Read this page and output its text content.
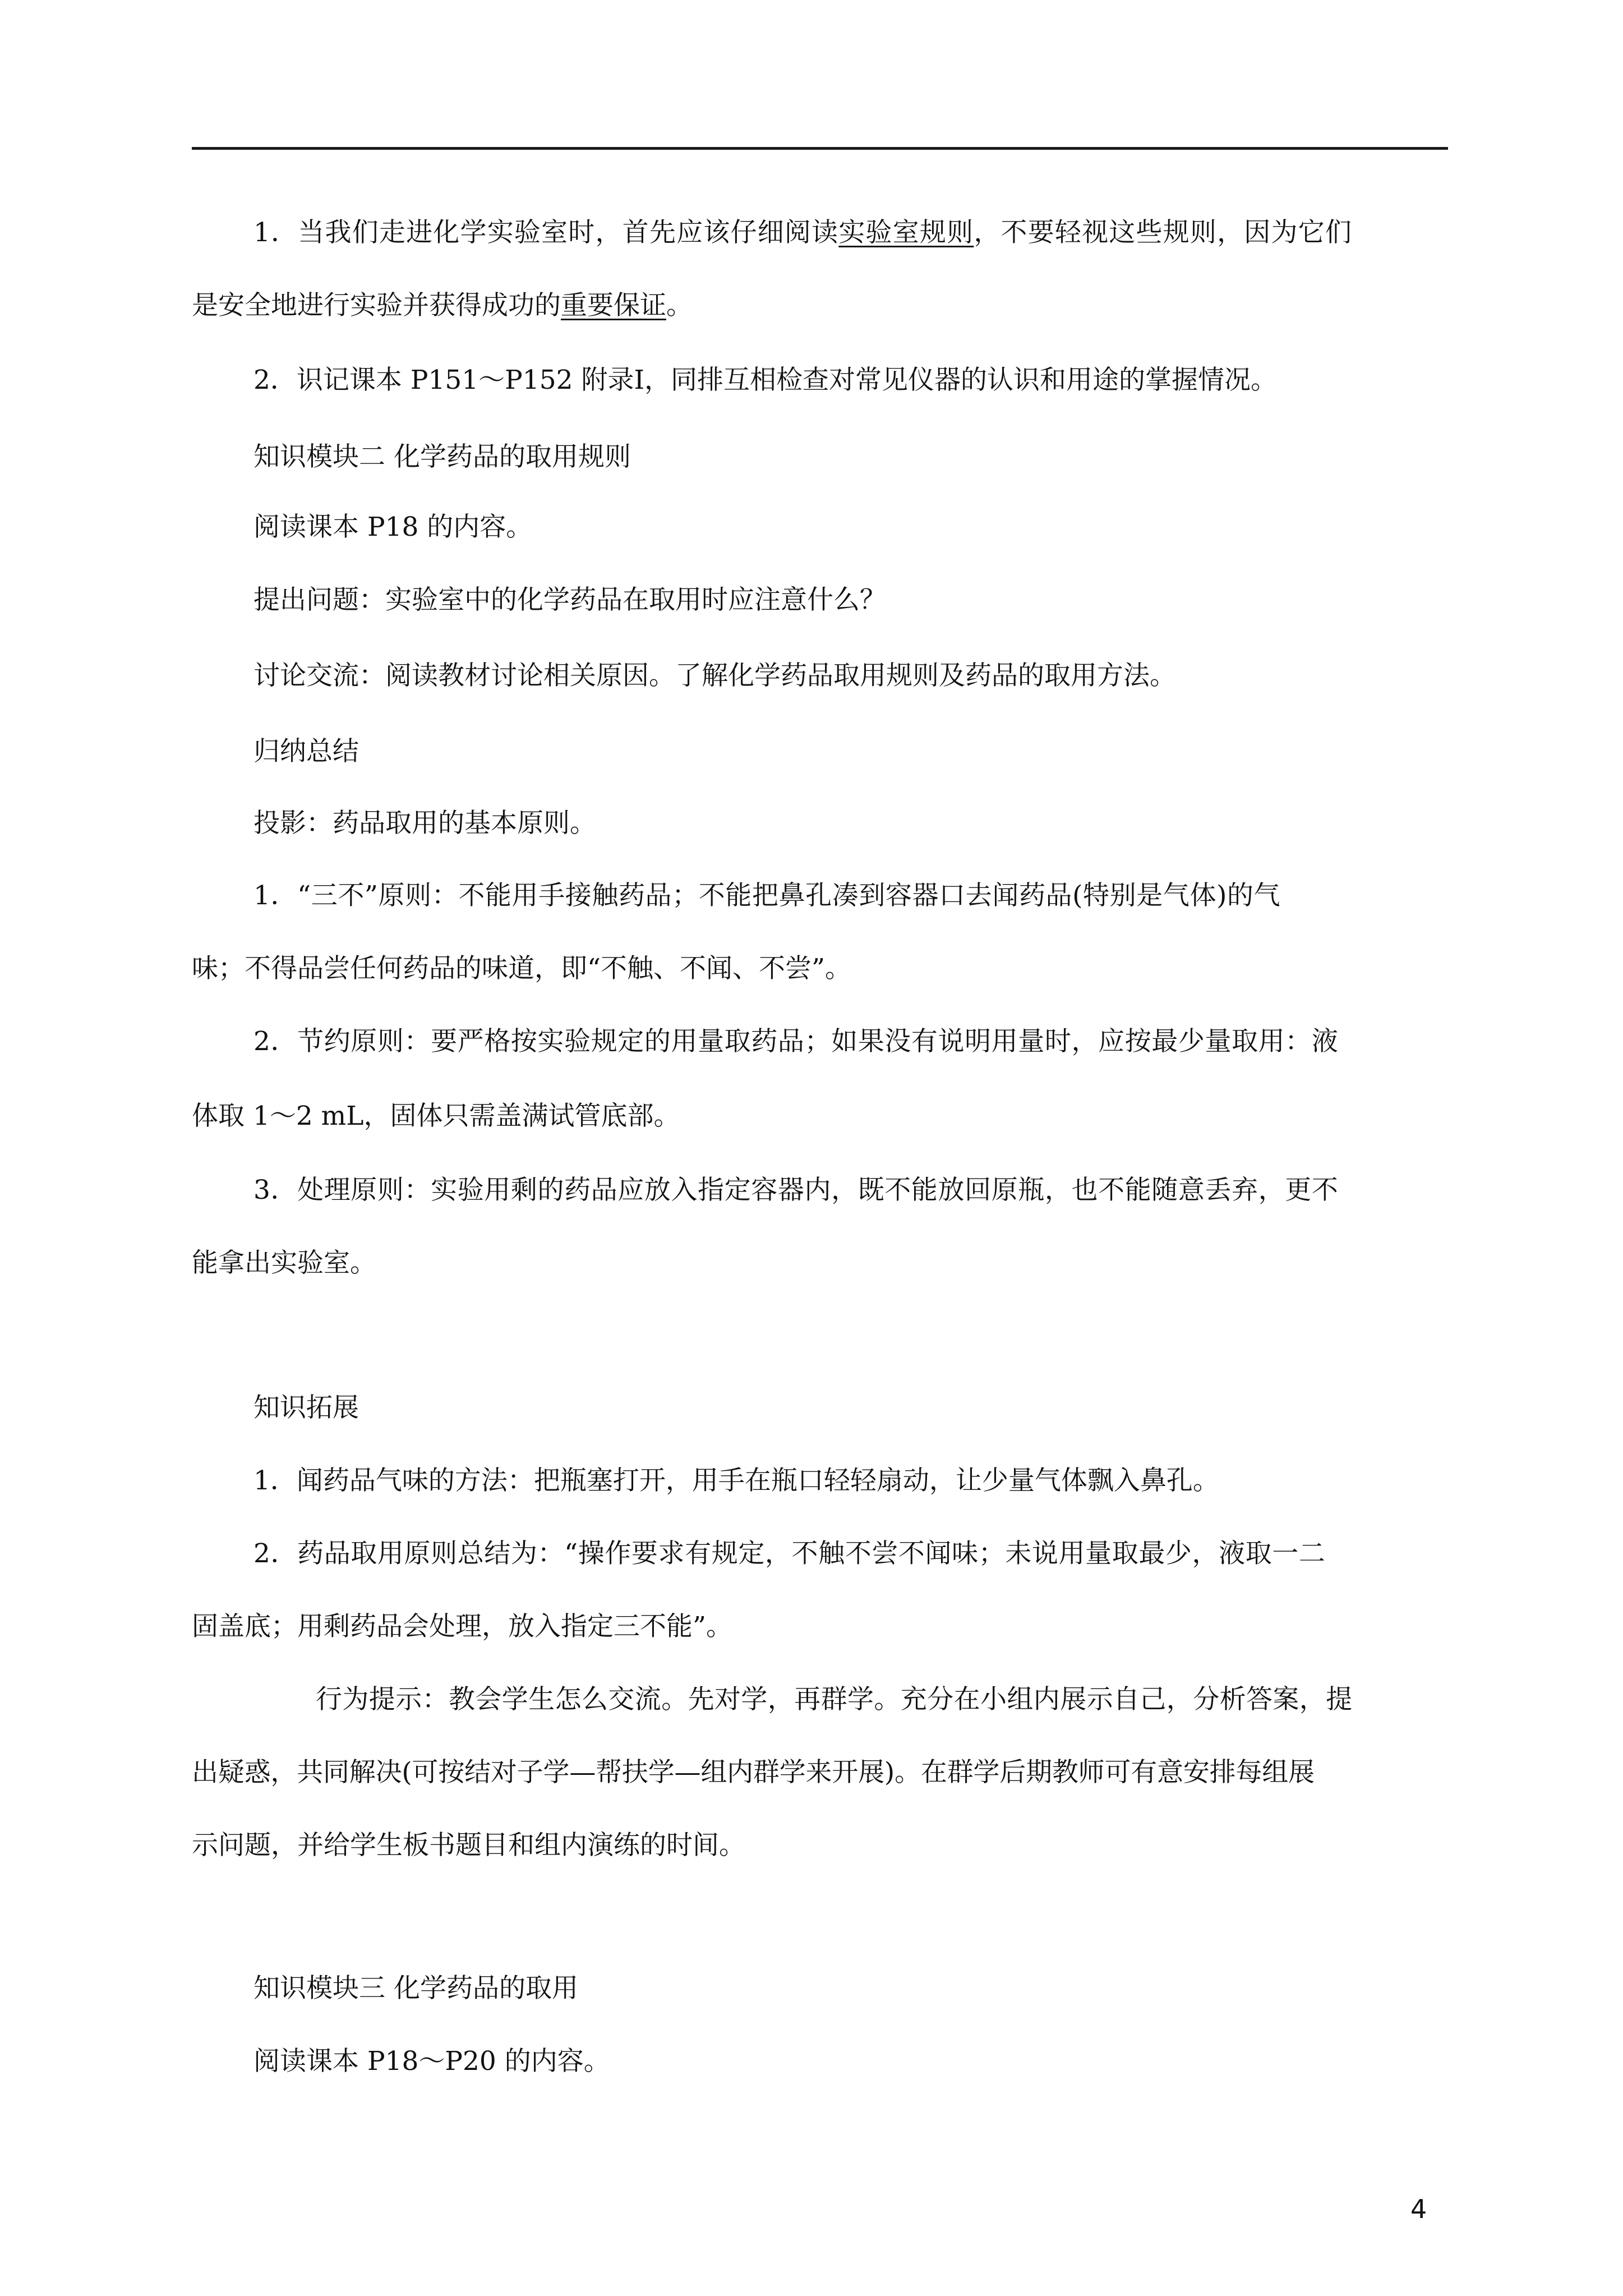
1．当我们走进化学实验室时，首先应该仔细阅读实验室规则，不要轻视这些规则，因为它们
是安全地进行实验并获得成功的重要保证。
2．识记课本 P151～P152 附录Ⅰ，同排互相检查对常见仪器的认识和用途的掌握情况。
知识模块二 化学药品的取用规则
阅读课本 P18 的内容。
提出问题：实验室中的化学药品在取用时应注意什么？
讨论交流：阅读教材讨论相关原因。了解化学药品取用规则及药品的取用方法。
归纳总结
投影：药品取用的基本原则。
1．“三不”原则：不能用手接触药品；不能把鼻孔凑到容器口去闻药品(特别是气体)的气
味；不得品尝任何药品的味道，即“不触、不闻、不尝”。
2．节约原则：要严格按实验规定的用量取药品；如果没有说明用量时，应按最少量取用：液
体取 1～2 mL，固体只需盖满试管底部。
3．处理原则：实验用剩的药品应放入指定容器内，既不能放回原瓶，也不能随意丢弃，更不
能拿出实验室。
知识拓展
1．闻药品气味的方法：把瓶塞打开，用手在瓶口轻轻扇动，让少量气体飘入鼻孔。
2．药品取用原则总结为：“操作要求有规定，不触不尝不闻味；未说用量取最少，液取一二
固盖底；用剩药品会处理，放入指定三不能”。
行为提示：教会学生怎么交流。先对学，再群学。充分在小组内展示自己，分析答案，提
出疑惑，共同解决(可按结对子学—帮扶学—组内群学来开展)。在群学后期教师可有意安排每组展
示问题，并给学生板书题目和组内演练的时间。
知识模块三 化学药品的取用
阅读课本 P18～P20 的内容。
4
